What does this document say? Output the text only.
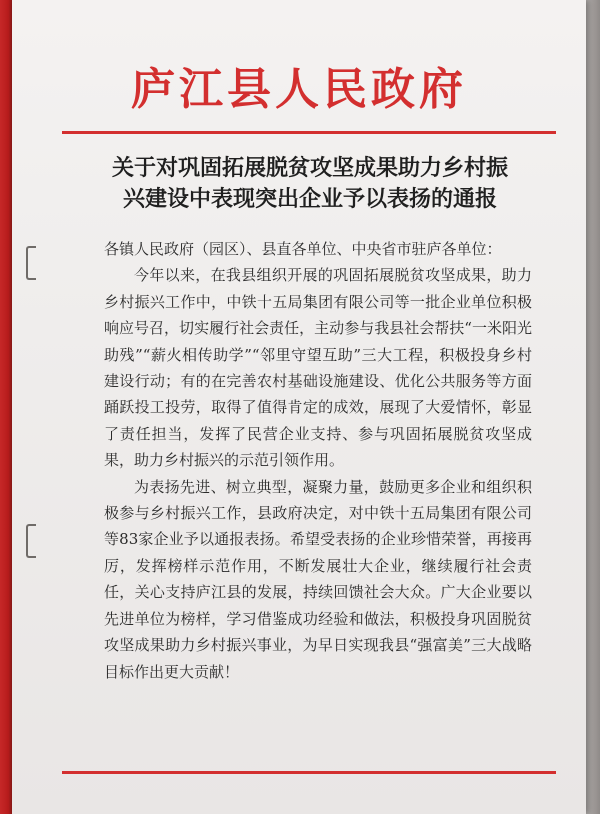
庐江县人民政府
关于对巩固拓展脱贫攻坚成果助力乡村振
兴建设中表现突出企业予以表扬的通报

各镇人民政府（园区）、县直各单位、中央省市驻庐各单位：

今年以来，在我县组织开展的巩固拓展脱贫攻坚成果，助力乡村振兴工作中，中铁十五局集团有限公司等一批企业单位积极响应号召，切实履行社会责任，主动参与我县社会帮扶“一米阳光助残”“薪火相传助学”“邻里守望互助”三大工程，积极投身乡村建设行动；有的在完善农村基础设施建设、优化公共服务等方面踊跃投工投劳，取得了值得肯定的成效，展现了大爱情怀，彰显了责任担当，发挥了民营企业支持、参与巩固拓展脱贫攻坚成果，助力乡村振兴的示范引领作用。

为表扬先进、树立典型，凝聚力量，鼓励更多企业和组织积极参与乡村振兴工作，县政府决定，对中铁十五局集团有限公司等83家企业予以通报表扬。希望受表扬的企业珍惜荣誉，再接再厉，发挥榜样示范作用，不断发展壮大企业，继续履行社会责任，关心支持庐江县的发展，持续回馈社会大众。广大企业要以先进单位为榜样，学习借鉴成功经验和做法，积极投身巩固脱贫攻坚成果助力乡村振兴事业，为早日实现我县“强富美”三大战略目标作出更大贡献！
